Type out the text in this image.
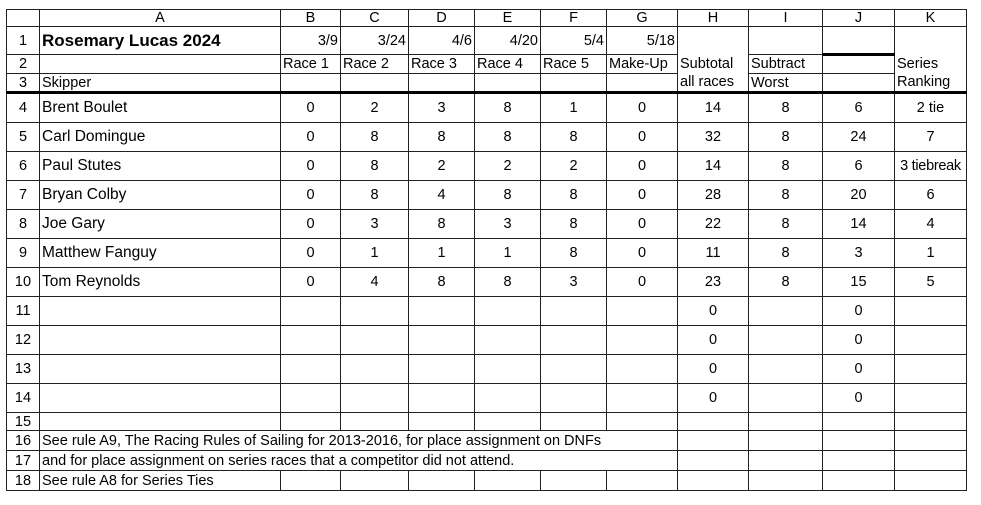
	A	B	C	D	E	F	G	H	I	J	K
1	Rosemary Lucas 2024	3/9	3/24	4/6	4/20	5/4	5/18				
2		Race 1	Race 2	Race 3	Race 4	Race 5	Make-Up	Subtotal	Subtract		Series
3	Skipper							all races	Worst		Ranking
4	Brent Boulet	0	2	3	8	1	0	14	8	6	2 tie
5	Carl Domingue	0	8	8	8	8	0	32	8	24	7
6	Paul Stutes	0	8	2	2	2	0	14	8	6	3 tiebreak
7	Bryan Colby	0	8	4	8	8	0	28	8	20	6
8	Joe Gary	0	3	8	3	8	0	22	8	14	4
9	Matthew Fanguy	0	1	1	1	8	0	11	8	3	1
10	Tom Reynolds	0	4	8	8	3	0	23	8	15	5
11								0		0	
12								0		0	
13								0		0	
14								0		0	
15											
16	See rule A9, The Racing Rules of Sailing for 2013-2016, for place assignment on DNFs										
17	and for place assignment on series races that a competitor did not attend.										
18	See rule A8 for Series Ties										
